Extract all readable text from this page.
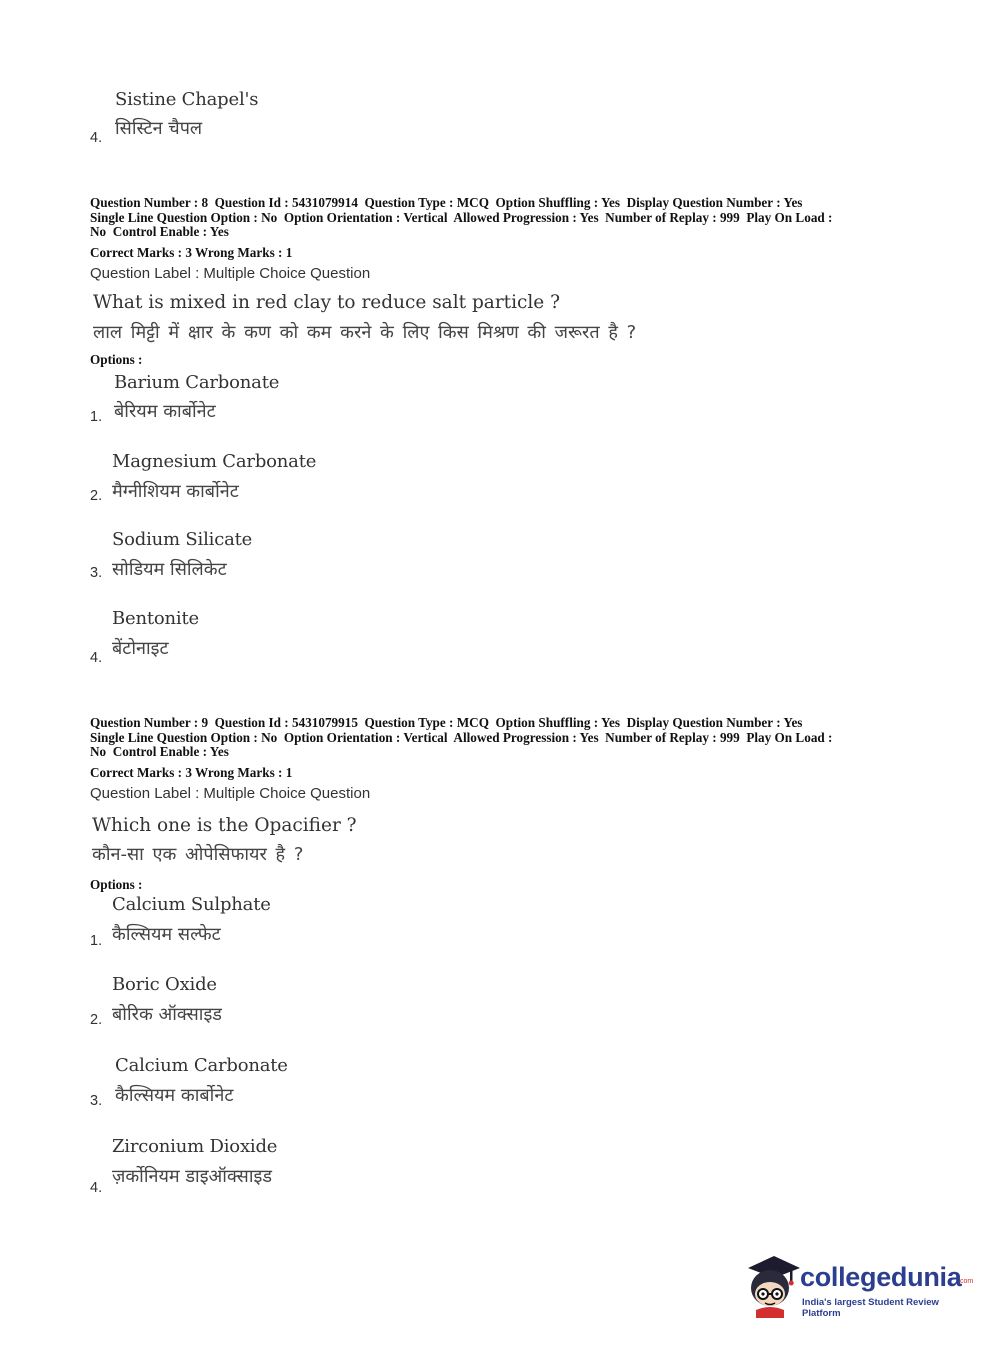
Sistine Chapel's
सिस्टिन चैपल
4.
Question Number : 8  Question Id : 5431079914  Question Type : MCQ  Option Shuffling : Yes  Display Question Number : Yes
Single Line Question Option : No  Option Orientation : Vertical  Allowed Progression : Yes  Number of Replay : 999  Play On Load :
No  Control Enable : Yes
Correct Marks : 3 Wrong Marks : 1
Question Label : Multiple Choice Question
What is mixed in red clay to reduce salt particle ?
लाल मिट्टी में क्षार के कण को कम करने के लिए किस मिश्रण की जरूरत है ?
Options :
Barium Carbonate
बेरियम कार्बोनेट
1.
Magnesium Carbonate
मैग्नीशियम कार्बोनेट
2.
Sodium Silicate
सोडियम सिलिकेट
3.
Bentonite
बेंटोनाइट
4.
Question Number : 9  Question Id : 5431079915  Question Type : MCQ  Option Shuffling : Yes  Display Question Number : Yes
Single Line Question Option : No  Option Orientation : Vertical  Allowed Progression : Yes  Number of Replay : 999  Play On Load :
No  Control Enable : Yes
Correct Marks : 3 Wrong Marks : 1
Question Label : Multiple Choice Question
Which one is the Opacifier ?
कौन-सा एक ओपेसिफायर है ?
Options :
Calcium Sulphate
कैल्सियम सल्फेट
1.
Boric Oxide
बोरिक ऑक्साइड
2.
Calcium Carbonate
कैल्सियम कार्बोनेट
3.
Zirconium Dioxide
ज़र्कोनियम डाइऑक्साइड
4.
collegedunia
.com
India's largest Student Review Platform
